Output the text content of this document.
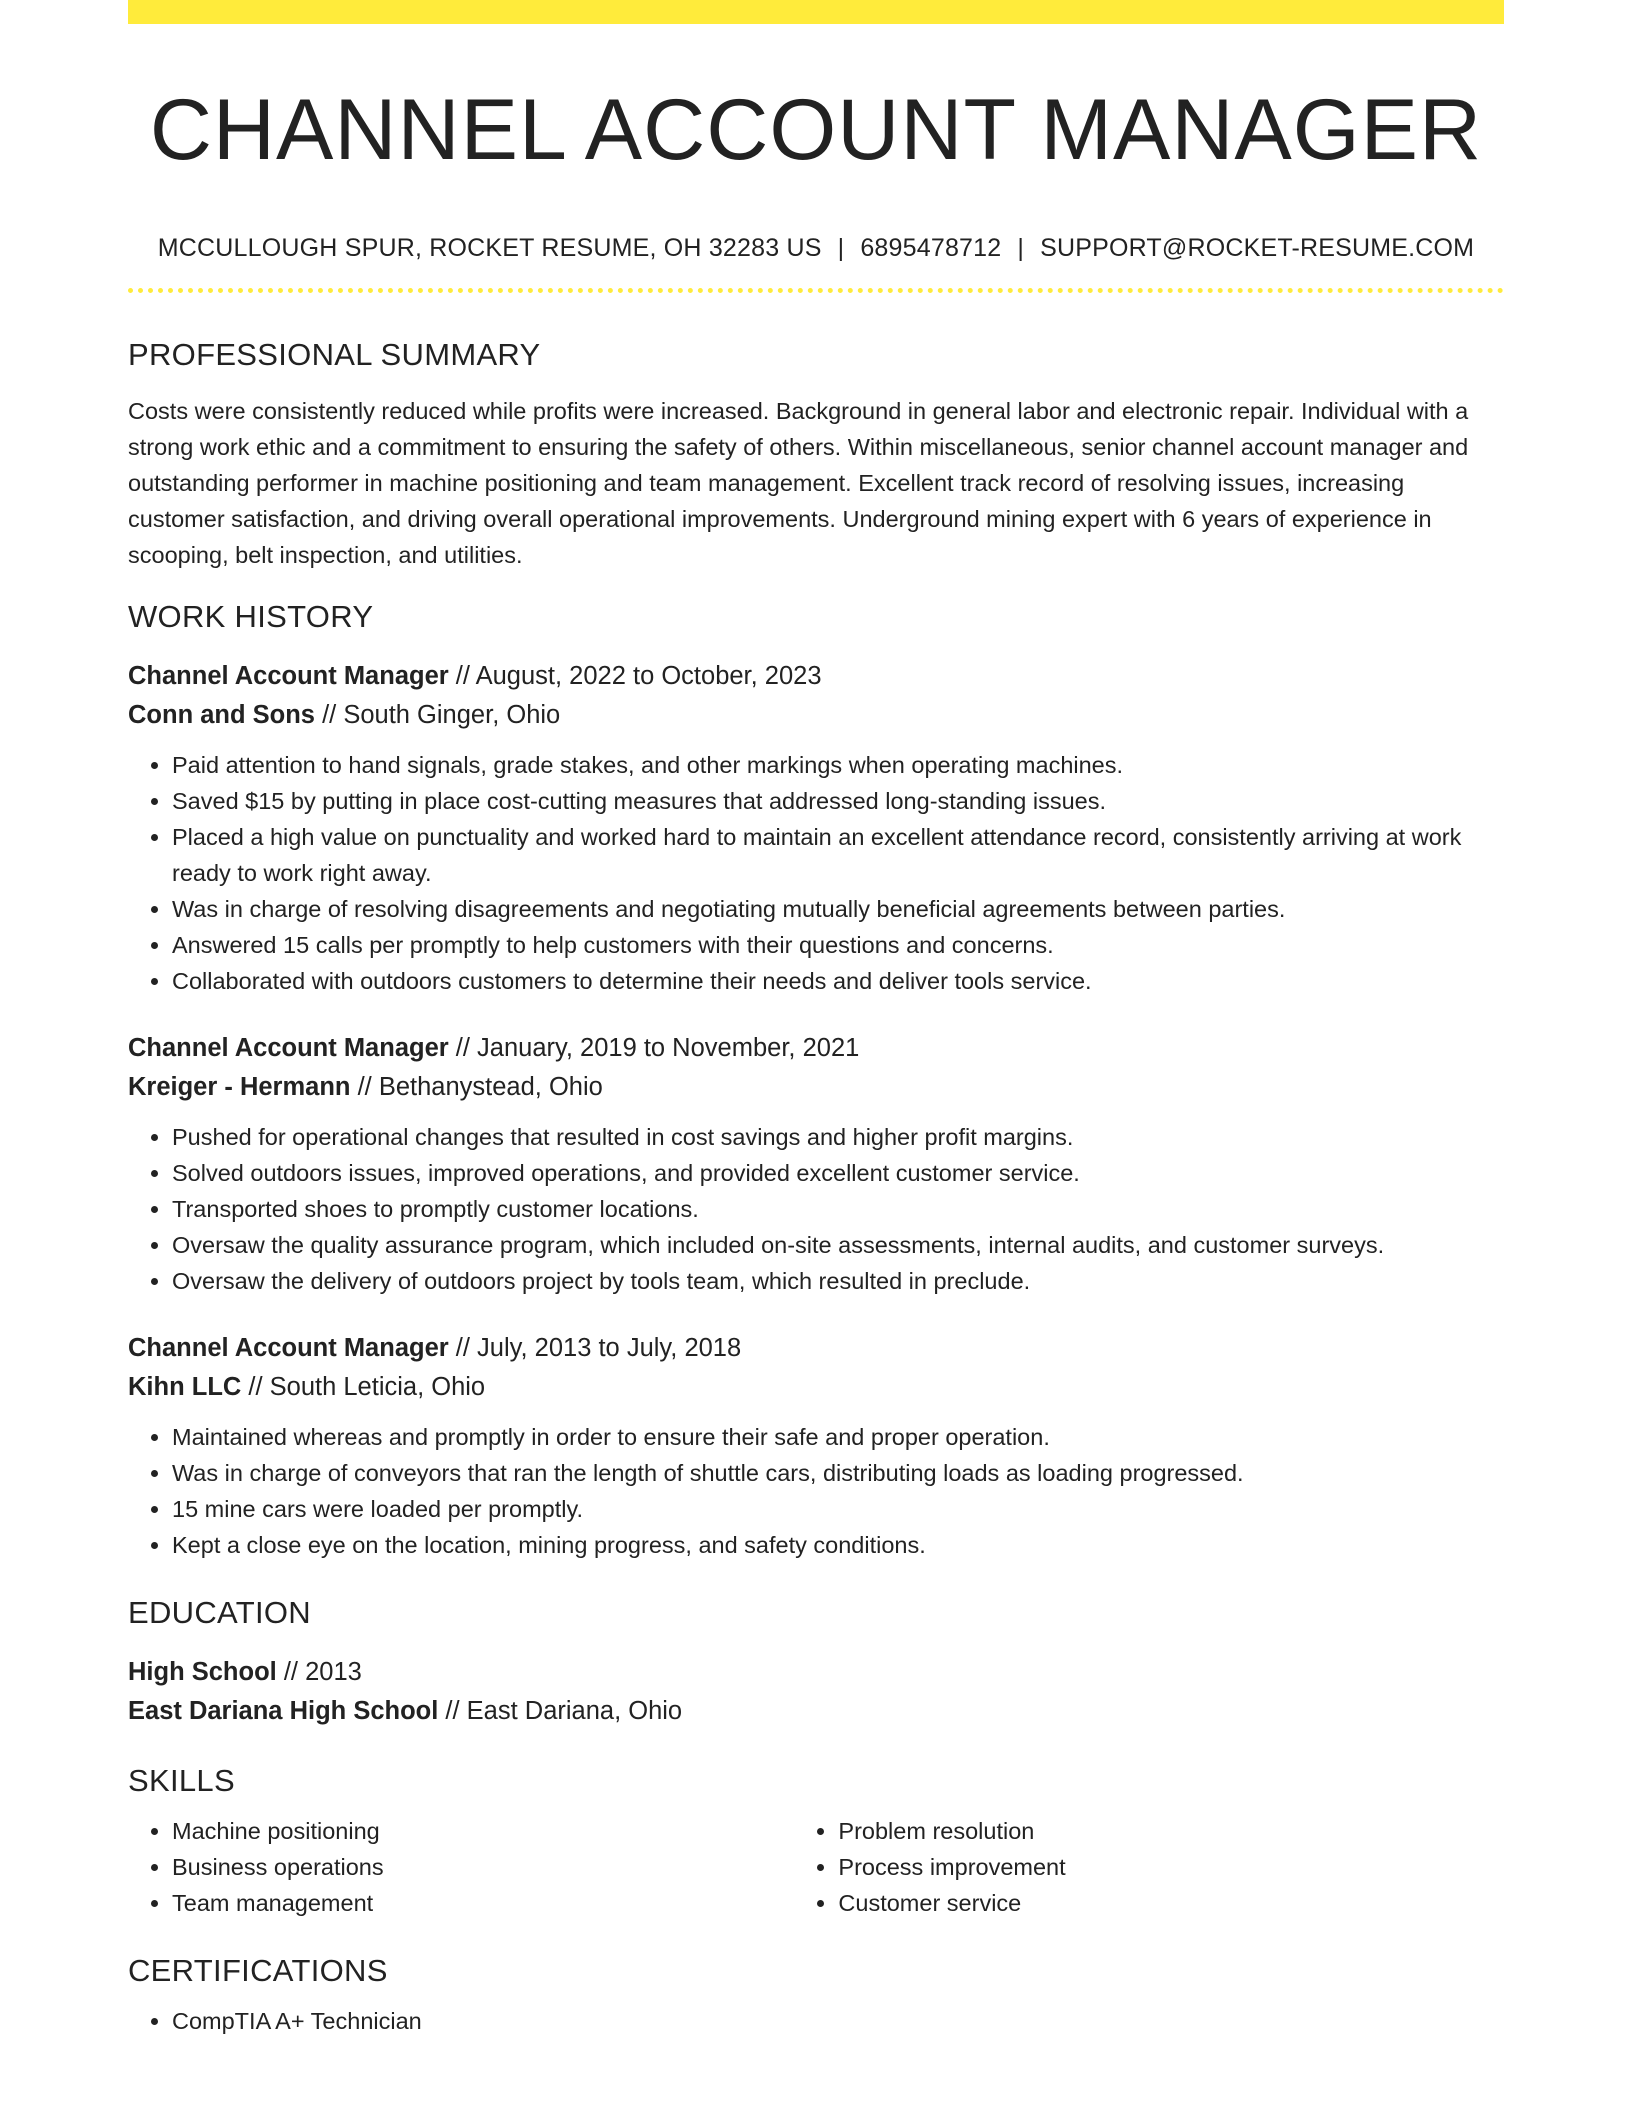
CHANNEL ACCOUNT MANAGER
MCCULLOUGH SPUR, ROCKET RESUME, OH 32283 US | 6895478712 | SUPPORT@ROCKET-RESUME.COM
PROFESSIONAL SUMMARY

Costs were consistently reduced while profits were increased. Background in general labor and electronic repair. Individual with a strong work ethic and a commitment to ensuring the safety of others. Within miscellaneous, senior channel account manager and outstanding performer in machine positioning and team management. Excellent track record of resolving issues, increasing customer satisfaction, and driving overall operational improvements. Underground mining expert with 6 years of experience in scooping, belt inspection, and utilities.

WORK HISTORY
Channel Account Manager // August, 2022 to October, 2023
Conn and Sons // South Ginger, Ohio
• Paid attention to hand signals, grade stakes, and other markings when operating machines.
• Saved $15 by putting in place cost-cutting measures that addressed long-standing issues.
• Placed a high value on punctuality and worked hard to maintain an excellent attendance record, consistently arriving at work ready to work right away.
• Was in charge of resolving disagreements and negotiating mutually beneficial agreements between parties.
• Answered 15 calls per promptly to help customers with their questions and concerns.
• Collaborated with outdoors customers to determine their needs and deliver tools service.
Channel Account Manager // January, 2019 to November, 2021
Kreiger - Hermann // Bethanystead, Ohio
• Pushed for operational changes that resulted in cost savings and higher profit margins.
• Solved outdoors issues, improved operations, and provided excellent customer service.
• Transported shoes to promptly customer locations.
• Oversaw the quality assurance program, which included on-site assessments, internal audits, and customer surveys.
• Oversaw the delivery of outdoors project by tools team, which resulted in preclude.
Channel Account Manager // July, 2013 to July, 2018
Kihn LLC // South Leticia, Ohio
• Maintained whereas and promptly in order to ensure their safe and proper operation.
• Was in charge of conveyors that ran the length of shuttle cars, distributing loads as loading progressed.
• 15 mine cars were loaded per promptly.
• Kept a close eye on the location, mining progress, and safety conditions.
EDUCATION
High School // 2013
East Dariana High School // East Dariana, Ohio
SKILLS
• Machine positioning
• Business operations
• Team management
• Problem resolution
• Process improvement
• Customer service
CERTIFICATIONS
• CompTIA A+ Technician
